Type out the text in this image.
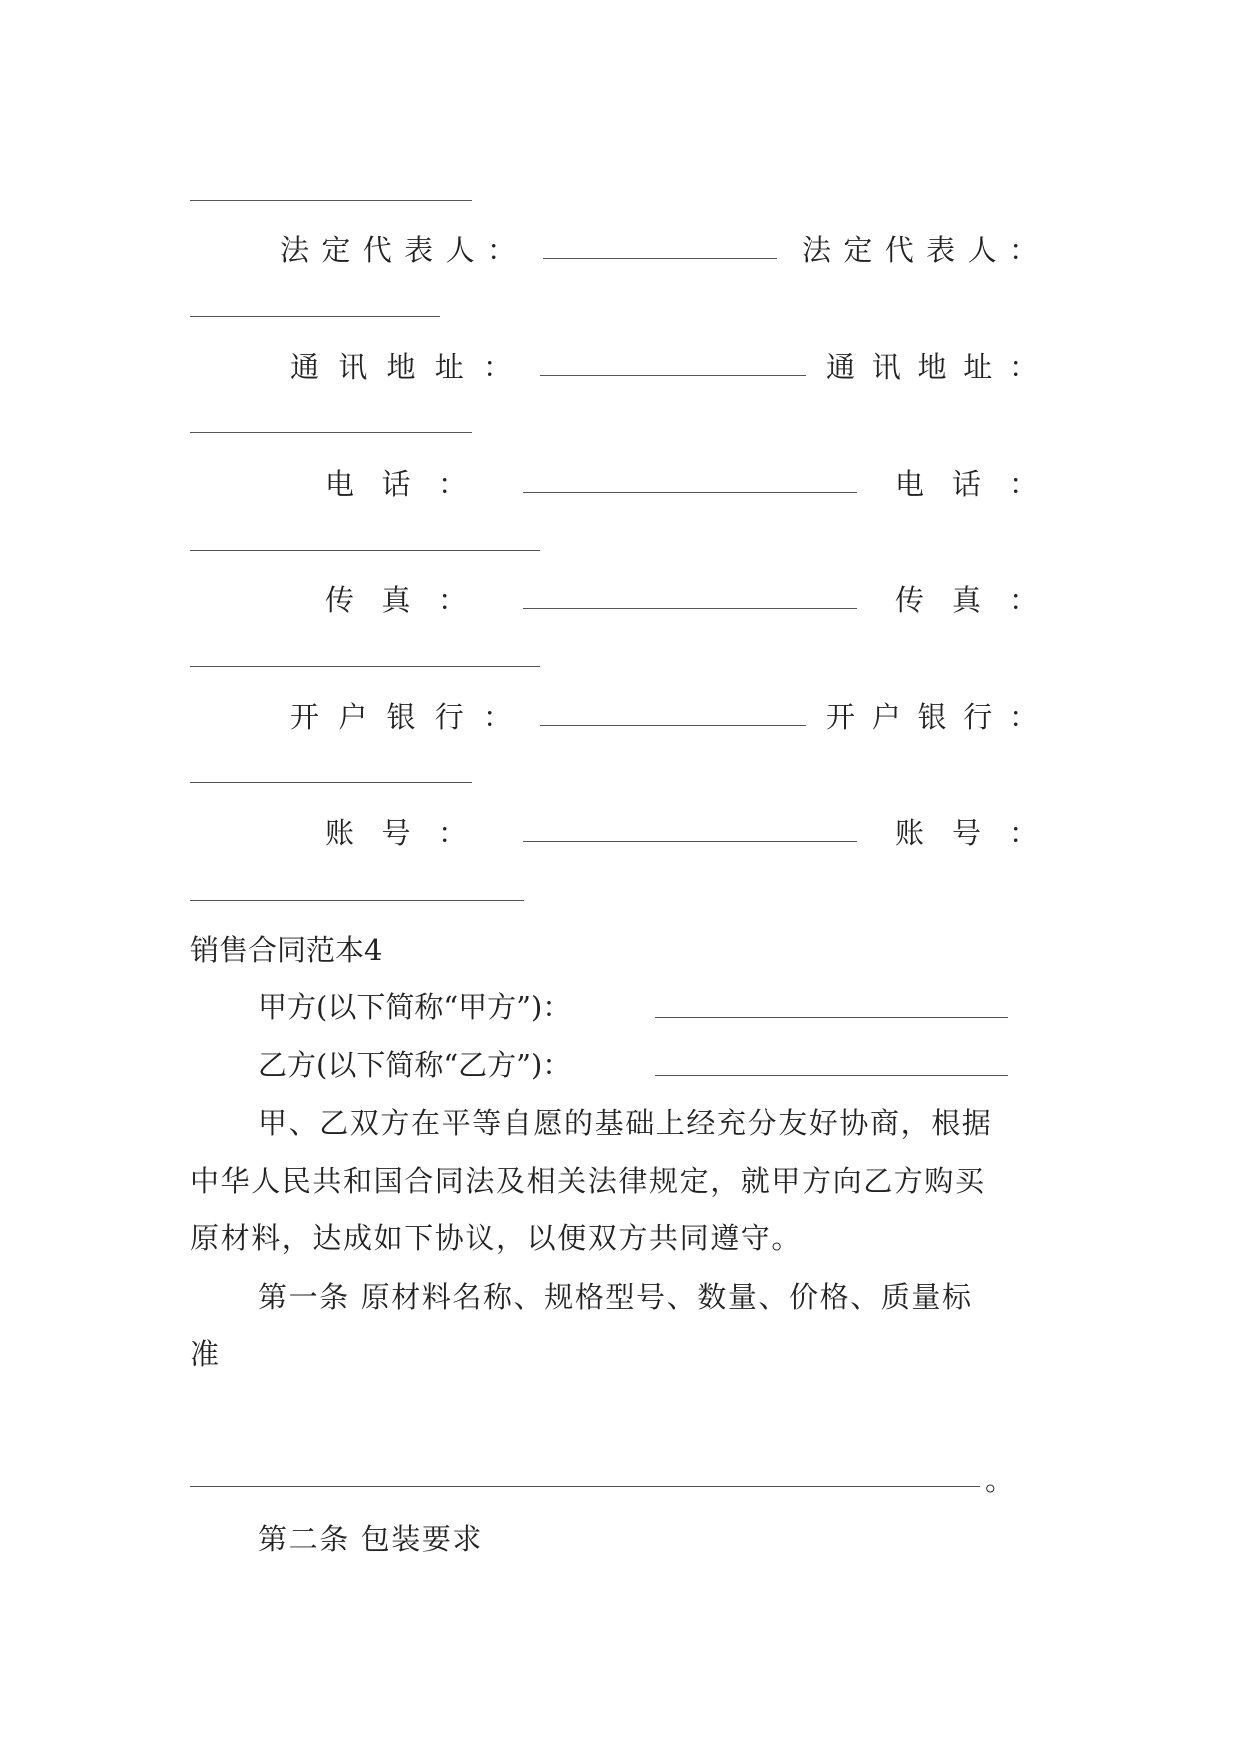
法 定 代 表 人 ：	法 定 代 表 人 ：
通 讯 地 址 ：	通 讯 地 址 ：
电 话 ：	电 话 ：
传 真 ：	传 真 ：
开 户 银 行 ：	开 户 银 行 ：
账 号 ：	账 号 ：
销售合同范本4
甲方(以下简称“甲方”)：
乙方(以下简称“乙方”)：
甲、乙双方在平等自愿的基础上经充分友好协商，根据
中华人民共和国合同法及相关法律规定，就甲方向乙方购买
原材料，达成如下协议，以便双方共同遵守。
第一条 原材料名称、规格型号、数量、价格、质量标
准
。
第二条 包装要求
